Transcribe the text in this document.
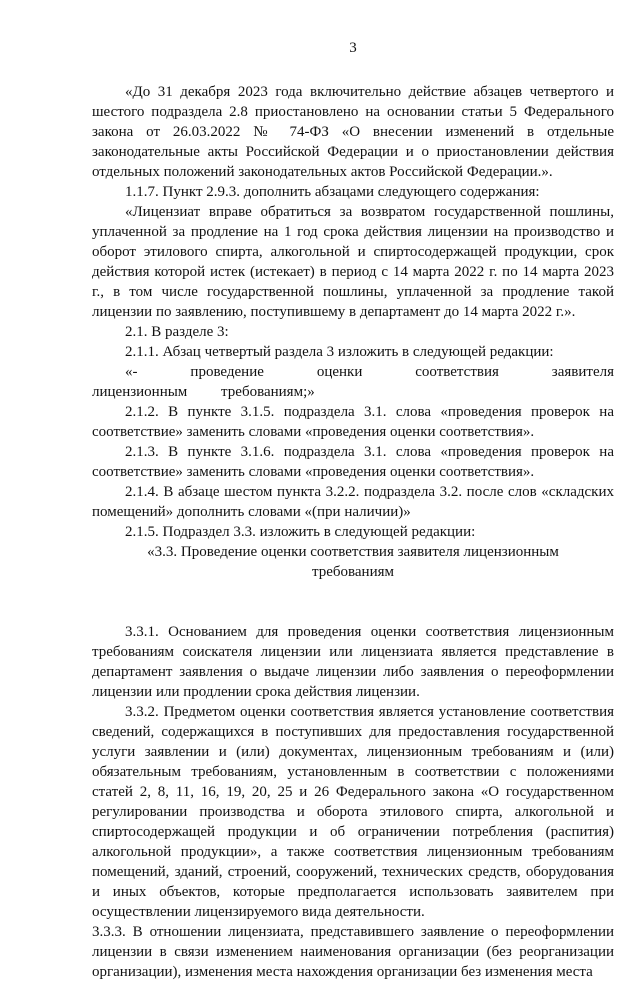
3

«До 31 декабря 2023 года включительно действие абзацев четвертого и шестого подраздела 2.8 приостановлено на основании статьи 5 Федерального закона от 26.03.2022 № 74-ФЗ «О внесении изменений в отдельные законодательные акты Российской Федерации и о приостановлении действия отдельных положений законодательных актов Российской Федерации.».

1.1.7. Пункт 2.9.3. дополнить абзацами следующего содержания:

«Лицензиат вправе обратиться за возвратом государственной пошлины, уплаченной за продление на 1 год срока действия лицензии на производство и оборот этилового спирта, алкогольной и спиртосодержащей продукции, срок действия которой истек (истекает) в период с 14 марта 2022 г. по 14 марта 2023 г., в том числе государственной пошлины, уплаченной за продление такой лицензии по заявлению, поступившему в департамент до 14 марта 2022 г.».

2.1. В разделе 3:

2.1.1. Абзац четвертый раздела 3 изложить в следующей редакции:

«- проведение оценки соответствия заявителя лицензионным требованиям;»

2.1.2. В пункте 3.1.5. подраздела 3.1. слова «проведения проверок на соответствие» заменить словами «проведения оценки соответствия».

2.1.3. В пункте 3.1.6. подраздела 3.1. слова «проведения проверок на соответствие» заменить словами «проведения оценки соответствия».

2.1.4. В абзаце шестом пункта 3.2.2. подраздела 3.2. после слов «складских помещений» дополнить словами «(при наличии)»

2.1.5. Подраздел 3.3. изложить в следующей редакции:

«3.3. Проведение оценки соответствия заявителя лицензионным
требованиям

3.3.1. Основанием для проведения оценки соответствия лицензионным требованиям соискателя лицензии или лицензиата является представление в департамент заявления о выдаче лицензии либо заявления о переоформлении лицензии или продлении срока действия лицензии.

3.3.2. Предметом оценки соответствия является установление соответствия сведений, содержащихся в поступивших для предоставления государственной услуги заявлении и (или) документах, лицензионным требованиям и (или) обязательным требованиям, установленным в соответствии с положениями статей 2, 8, 11, 16, 19, 20, 25 и 26 Федерального закона «О государственном регулировании производства и оборота этилового спирта, алкогольной и спиртосодержащей продукции и об ограничении потребления (распития) алкогольной продукции», а также соответствия лицензионным требованиям помещений, зданий, строений, сооружений, технических средств, оборудования и иных объектов, которые предполагается использовать заявителем при осуществлении лицензируемого вида деятельности.

3.3.3. В отношении лицензиата, представившего заявление о переоформлении лицензии в связи изменением наименования организации (без реорганизации организации), изменения места нахождения организации без изменения места
